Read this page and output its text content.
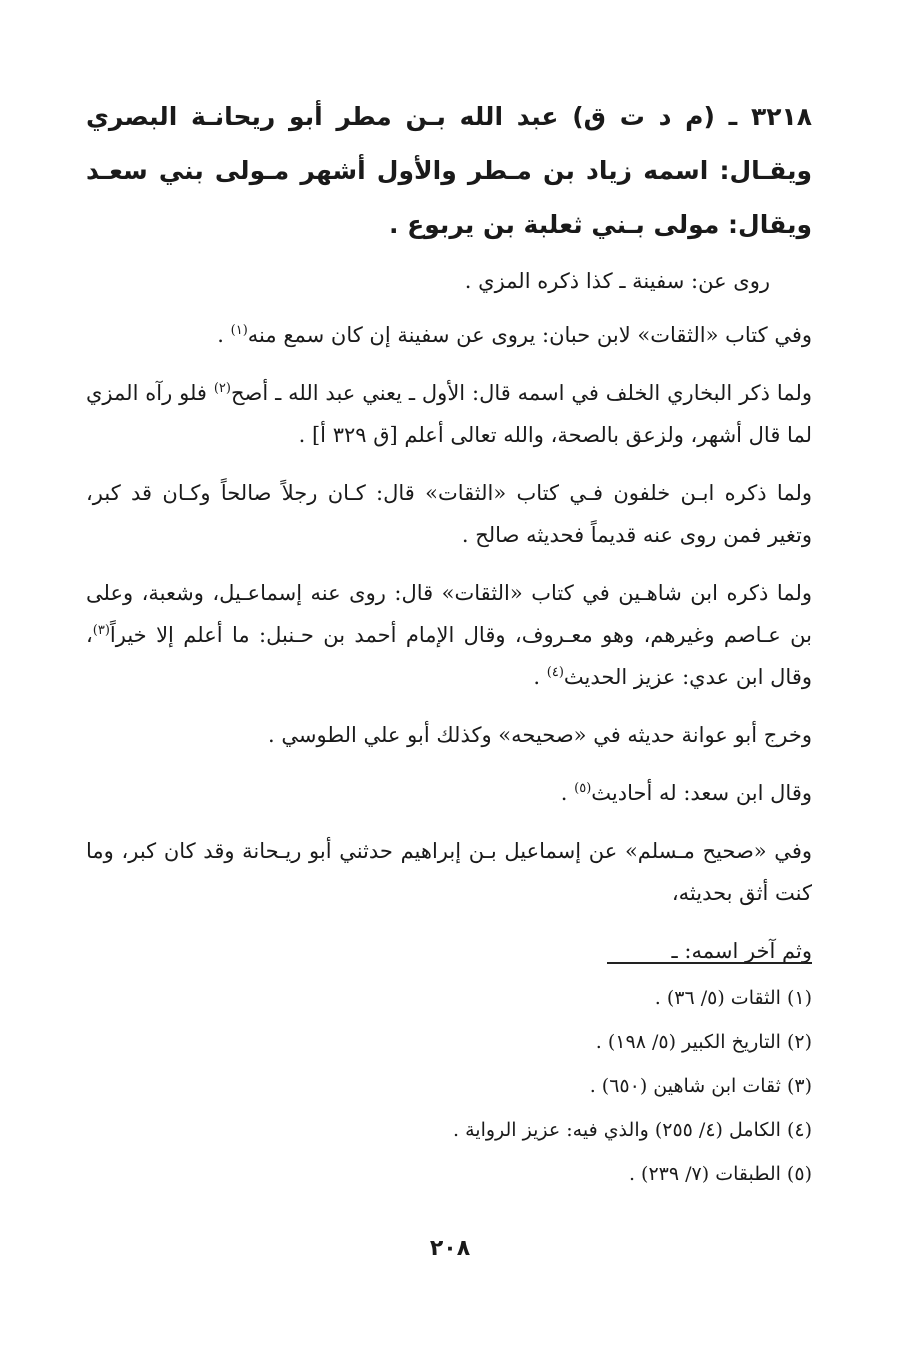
٣٢١٨ ـ (م د ت ق) عبد الله بـن مطر أبو ريحانـة البصري ويقـال: اسمه زياد بن مـطر والأول أشهر مـولى بني سعـد ويقال: مولى بـني ثعلبة بن يربوع .

روى عن: سفينة ـ كذا ذكره المزي .

وفي كتاب «الثقات» لابن حبان: يروى عن سفينة إن كان سمع منه$^{(١)}$ .

ولما ذكر البخاري الخلف في اسمه قال: الأول ـ يعني عبد الله ـ أصح$^{(٢)}$ فلو رآه المزي لما قال أشهر، ولزعق بالصحة، والله تعالى أعلم [ق ٣٢٩ أ] .

ولما ذكره ابـن خلفون فـي كتاب «الثقات» قال: كـان رجلاً صالحاً وكـان قد كبر، وتغير فمن روى عنه قديماً فحديثه صالح .

ولما ذكره ابن شاهـين في كتاب «الثقات» قال: روى عنه إسماعـيل، وشعبة، وعلى بن عـاصم وغيرهم، وهو معـروف، وقال الإمام أحمد بن حـنبل: ما أعلم إلا خيراً$^{(٣)}$، وقال ابن عدي: عزيز الحديث$^{(٤)}$ .

وخرج أبو عوانة حديثه في «صحيحه» وكذلك أبو علي الطوسي .

وقال ابن سعد: له أحاديث$^{(٥)}$ .

وفي «صحيح مـسلم» عن إسماعيل بـن إبراهيم حدثني أبو ريـحانة وقد كان كبر، وما كنت أثق بحديثه،

وثم آخر اسمه: ـ

(١) الثقات (٥/ ٣٦) .
(٢) التاريخ الكبير (٥/ ١٩٨) .
(٣) ثقات ابن شاهين (٦٥٠) .
(٤) الكامل (٤/ ٢٥٥) والذي فيه: عزيز الرواية .
(٥) الطبقات (٧/ ٢٣٩) .
٢٠٨
